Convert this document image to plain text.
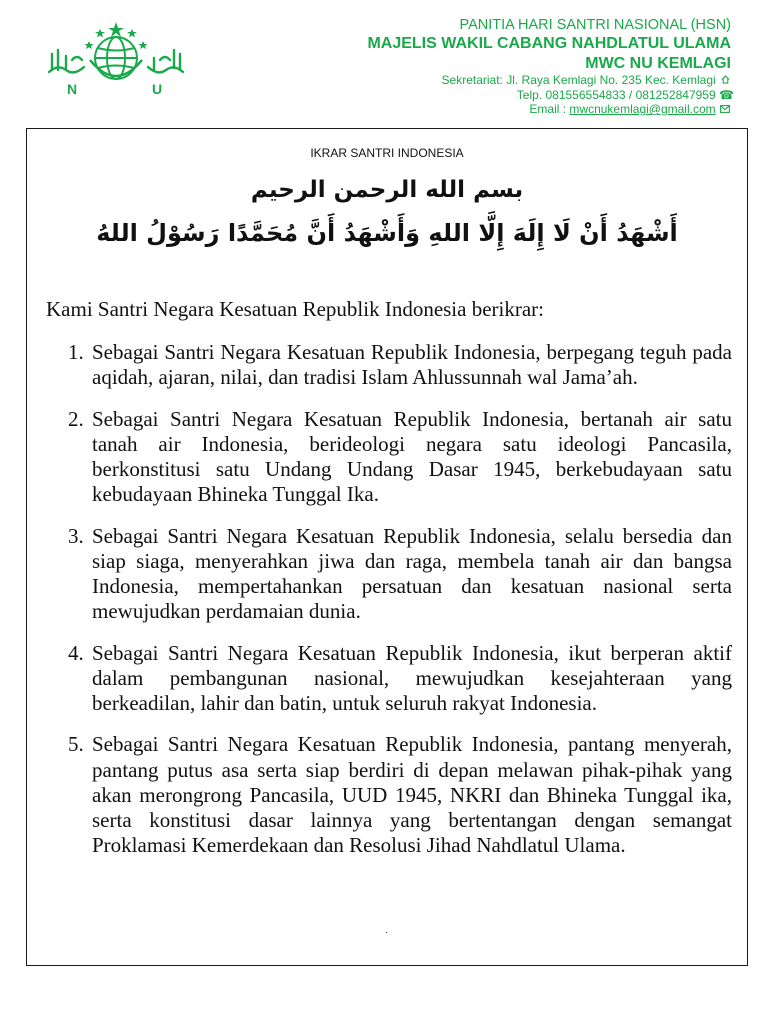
N	U
PANITIA HARI SANTRI NASIONAL (HSN)
MAJELIS WAKIL CABANG NAHDLATUL ULAMA
MWC NU KEMLAGI
Sekretariat: Jl. Raya Kemlagi No. 235 Kec. Kemlagi
Telp. 081556554833 / 081252847959 ☎
Email : mwcnukemlagi@gmail.com
IKRAR SANTRI INDONESIA
بسم الله الرحمن الرحيم
أَشْهَدُ أَنْ لَا إِلَهَ إِلَّا اللهِ وَأَشْهَدُ أَنَّ مُحَمَّدًا رَسُوْلُ اللهُ
Kami Santri Negara Kesatuan Republik Indonesia berikrar:
1. Sebagai Santri Negara Kesatuan Republik Indonesia, berpegang teguh pada aqidah, ajaran, nilai, dan tradisi Islam Ahlussunnah wal Jama’ah.
2. Sebagai Santri Negara Kesatuan Republik Indonesia, bertanah air satu tanah air Indonesia, berideologi negara satu ideologi Pancasila, berkonstitusi satu Undang Undang Dasar 1945, berkebudayaan satu kebudayaan Bhineka Tunggal Ika.
3. Sebagai Santri Negara Kesatuan Republik Indonesia, selalu bersedia dan siap siaga, menyerahkan jiwa dan raga, membela tanah air dan bangsa Indonesia, mempertahankan persatuan dan kesatuan nasional serta mewujudkan perdamaian dunia.
4. Sebagai Santri Negara Kesatuan Republik Indonesia, ikut berperan aktif dalam pembangunan nasional, mewujudkan kesejahteraan yang berkeadilan, lahir dan batin, untuk seluruh rakyat Indonesia.
5. Sebagai Santri Negara Kesatuan Republik Indonesia, pantang menyerah, pantang putus asa serta siap berdiri di depan melawan pihak-pihak yang akan merongrong Pancasila, UUD 1945, NKRI dan Bhineka Tunggal ika, serta konstitusi dasar lainnya yang bertentangan dengan semangat Proklamasi Kemerdekaan dan Resolusi Jihad Nahdlatul Ulama.
.
